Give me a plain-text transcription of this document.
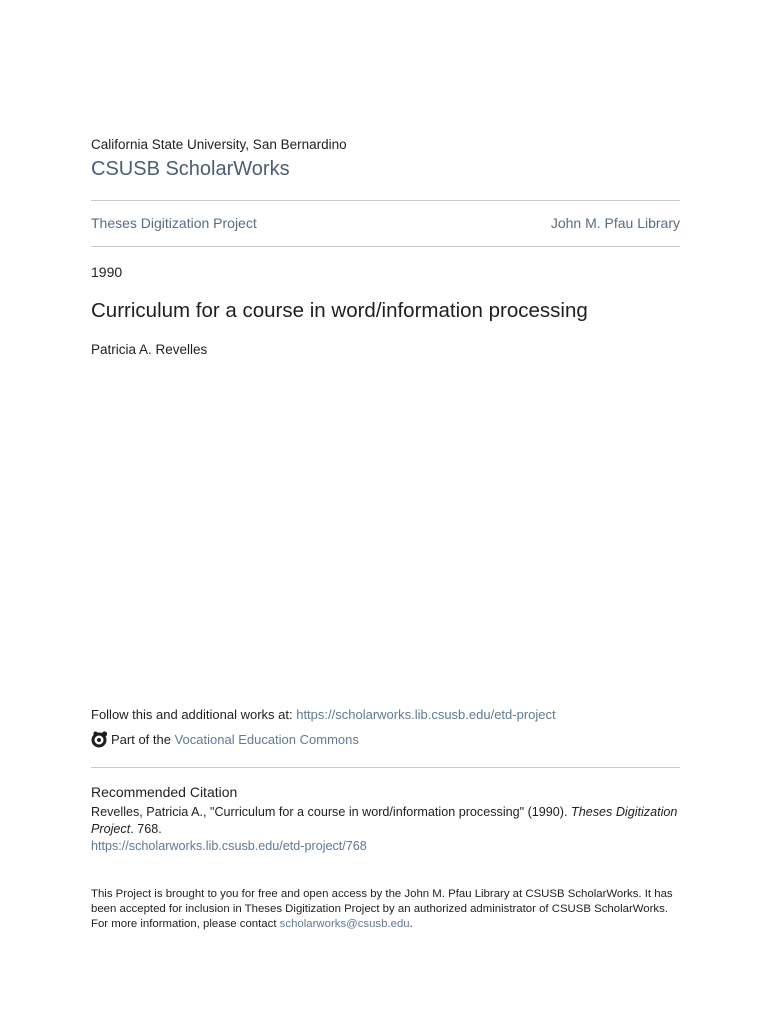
California State University, San Bernardino
CSUSB ScholarWorks
Theses Digitization Project	John M. Pfau Library
1990
Curriculum for a course in word/information processing
Patricia A. Revelles
Follow this and additional works at: https://scholarworks.lib.csusb.edu/etd-project
Part of the Vocational Education Commons
Recommended Citation
Revelles, Patricia A., "Curriculum for a course in word/information processing" (1990). Theses Digitization Project. 768.
https://scholarworks.lib.csusb.edu/etd-project/768
This Project is brought to you for free and open access by the John M. Pfau Library at CSUSB ScholarWorks. It has been accepted for inclusion in Theses Digitization Project by an authorized administrator of CSUSB ScholarWorks. For more information, please contact scholarworks@csusb.edu.
